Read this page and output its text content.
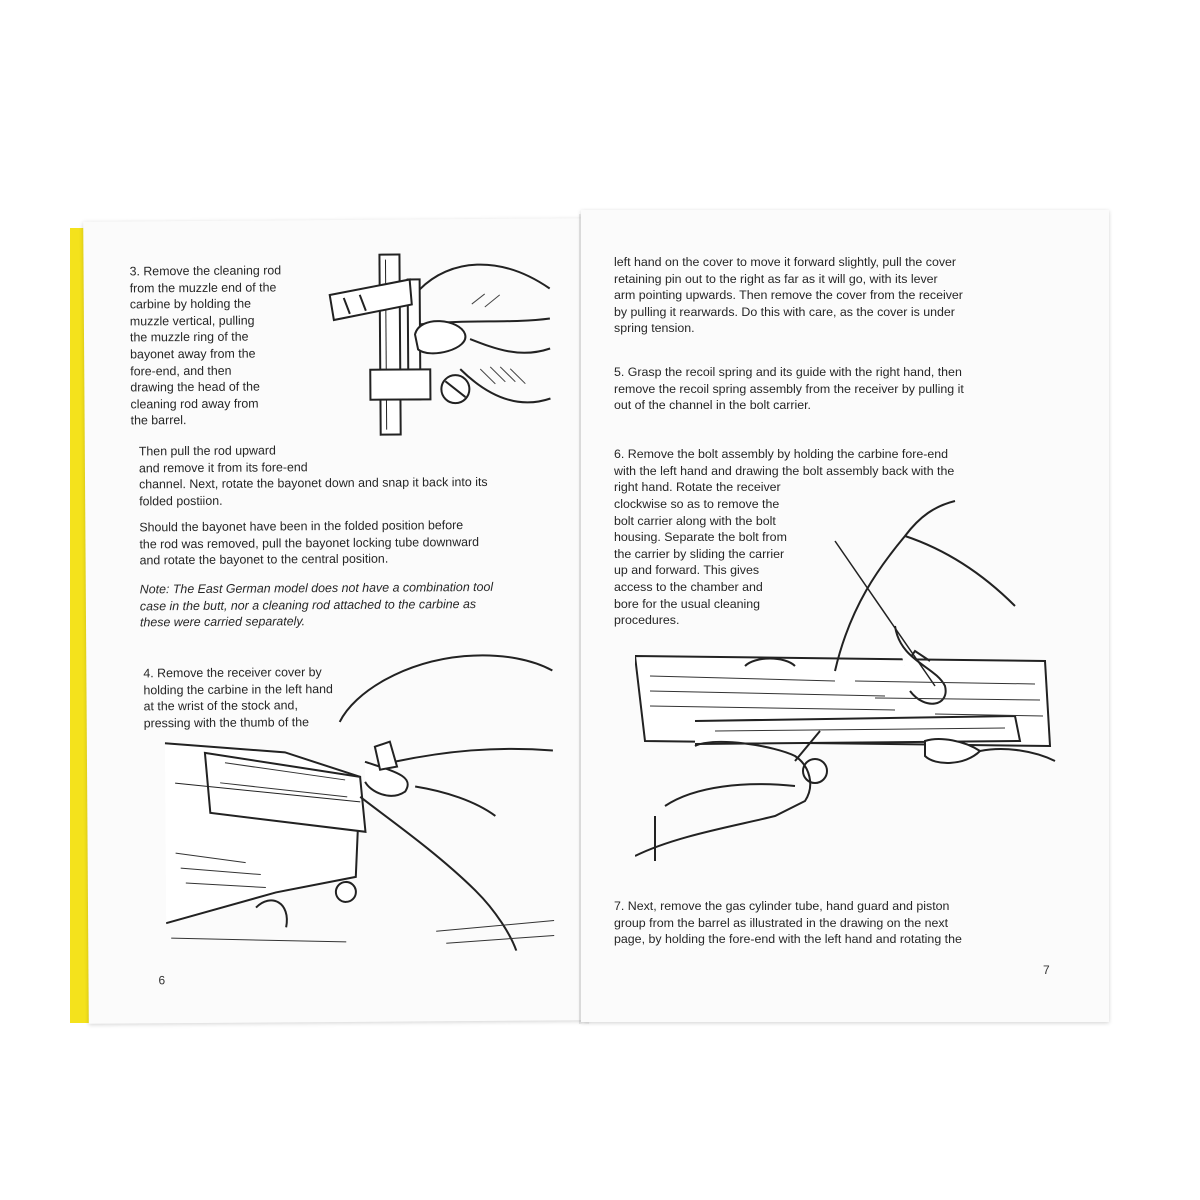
3. Remove the cleaning rod
from the muzzle end of the
carbine by holding the
muzzle vertical, pulling
the muzzle ring of the
bayonet away from the
fore-end, and then
drawing the head of the
cleaning rod away from
the barrel.

Then pull the rod upward
and remove it from its fore-end
channel. Next, rotate the bayonet down and snap it back into its
folded postiion.

Should the bayonet have been in the folded position before
the rod was removed, pull the bayonet locking tube downward
and rotate the bayonet to the central position.

Note: The East German model does not have a combination tool
case in the butt, nor a cleaning rod attached to the carbine as
these were carried separately.

4. Remove the receiver cover by
holding the carbine in the left hand
at the wrist of the stock and,
pressing with the thumb of the

6

left hand on the cover to move it forward slightly, pull the cover
retaining pin out to the right as far as it will go, with its lever
arm pointing upwards. Then remove the cover from the receiver
by pulling it rearwards. Do this with care, as the cover is under
spring tension.

5. Grasp the recoil spring and its guide with the right hand, then
remove the recoil spring assembly from the receiver by pulling it
out of the channel in the bolt carrier.

6. Remove the bolt assembly by holding the carbine fore-end
with the left hand and drawing the bolt assembly back with the
right hand. Rotate the receiver

clockwise so as to remove the
bolt carrier along with the bolt
housing. Separate the bolt from
the carrier by sliding the carrier
up and forward. This gives
access to the chamber and
bore for the usual cleaning
procedures.

7. Next, remove the gas cylinder tube, hand guard and piston
group from the barrel as illustrated in the drawing on the next
page, by holding the fore-end with the left hand and rotating the

7
